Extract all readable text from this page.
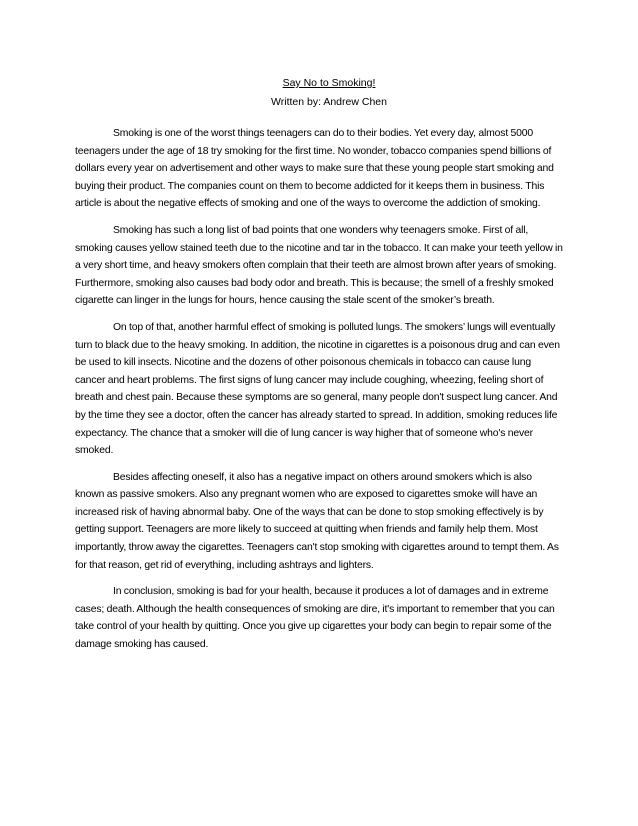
Say No to Smoking!

Written by: Andrew Chen

Smoking is one of the worst things teenagers can do to their bodies. Yet every day, almost 5000 teenagers under the age of 18 try smoking for the first time. No wonder, tobacco companies spend billions of dollars every year on advertisement and other ways to make sure that these young people start smoking and buying their product. The companies count on them to become addicted for it keeps them in business. This article is about the negative effects of smoking and one of the ways to overcome the addiction of smoking.

Smoking has such a long list of bad points that one wonders why teenagers smoke. First of all, smoking causes yellow stained teeth due to the nicotine and tar in the tobacco. It can make your teeth yellow in a very short time, and heavy smokers often complain that their teeth are almost brown after years of smoking. Furthermore, smoking also causes bad body odor and breath. This is because; the smell of a freshly smoked cigarette can linger in the lungs for hours, hence causing the stale scent of the smoker’s breath.

On top of that, another harmful effect of smoking is polluted lungs. The smokers’ lungs will eventually turn to black due to the heavy smoking. In addition, the nicotine in cigarettes is a poisonous drug and can even be used to kill insects. Nicotine and the dozens of other poisonous chemicals in tobacco can cause lung cancer and heart problems. The first signs of lung cancer may include coughing, wheezing, feeling short of breath and chest pain. Because these symptoms are so general, many people don't suspect lung cancer. And by the time they see a doctor, often the cancer has already started to spread. In addition, smoking reduces life expectancy. The chance that a smoker will die of lung cancer is way higher that of someone who's never smoked.

Besides affecting oneself, it also has a negative impact on others around smokers which is also known as passive smokers. Also any pregnant women who are exposed to cigarettes smoke will have an increased risk of having abnormal baby. One of the ways that can be done to stop smoking effectively is by getting support. Teenagers are more likely to succeed at quitting when friends and family help them. Most importantly, throw away the cigarettes. Teenagers can't stop smoking with cigarettes around to tempt them. As for that reason, get rid of everything, including ashtrays and lighters.

In conclusion, smoking is bad for your health, because it produces a lot of damages and in extreme cases; death. Although the health consequences of smoking are dire, it's important to remember that you can take control of your health by quitting. Once you give up cigarettes your body can begin to repair some of the damage smoking has caused.
